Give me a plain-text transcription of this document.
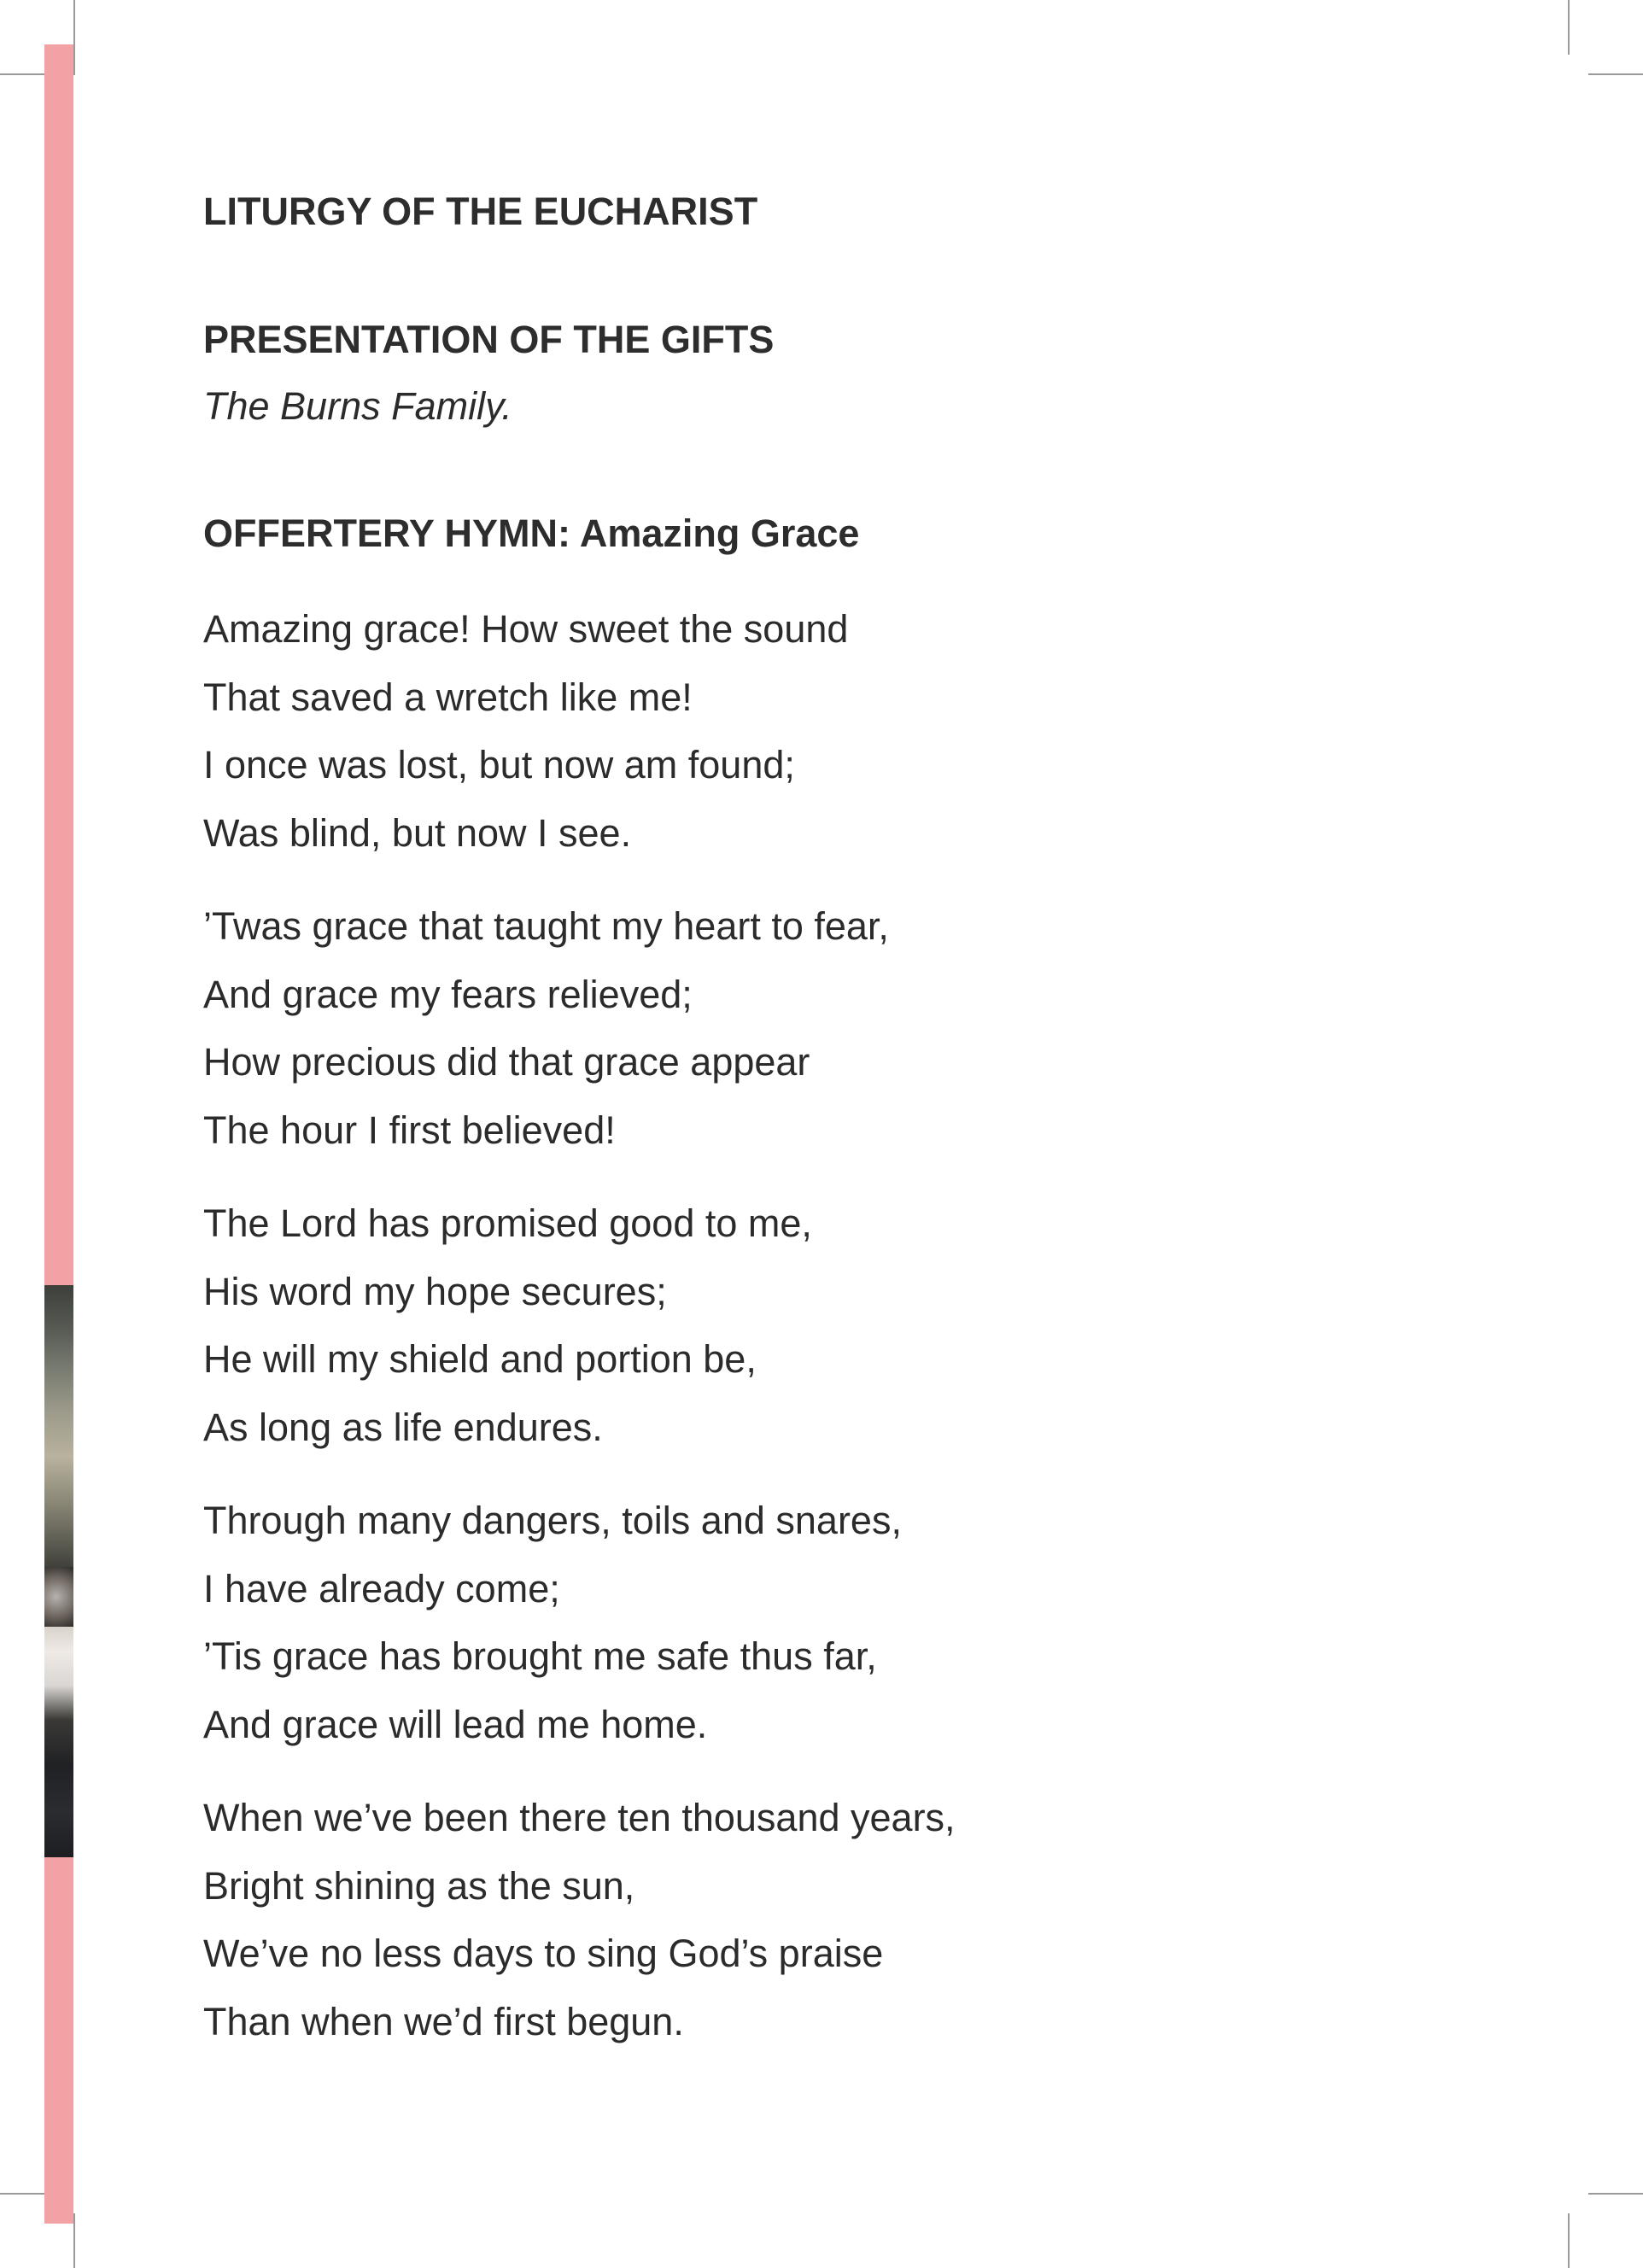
LITURGY OF THE EUCHARIST
PRESENTATION OF THE GIFTS

The Burns Family.

OFFERTERY HYMN: Amazing Grace
Amazing grace! How sweet the sound
That saved a wretch like me!
I once was lost, but now am found;
Was blind, but now I see.
’Twas grace that taught my heart to fear,
And grace my fears relieved;
How precious did that grace appear
The hour I first believed!
The Lord has promised good to me,
His word my hope secures;
He will my shield and portion be,
As long as life endures.
Through many dangers, toils and snares,
I have already come;
’Tis grace has brought me safe thus far,
And grace will lead me home.
When we’ve been there ten thousand years,
Bright shining as the sun,
We’ve no less days to sing God’s praise
Than when we’d first begun.
